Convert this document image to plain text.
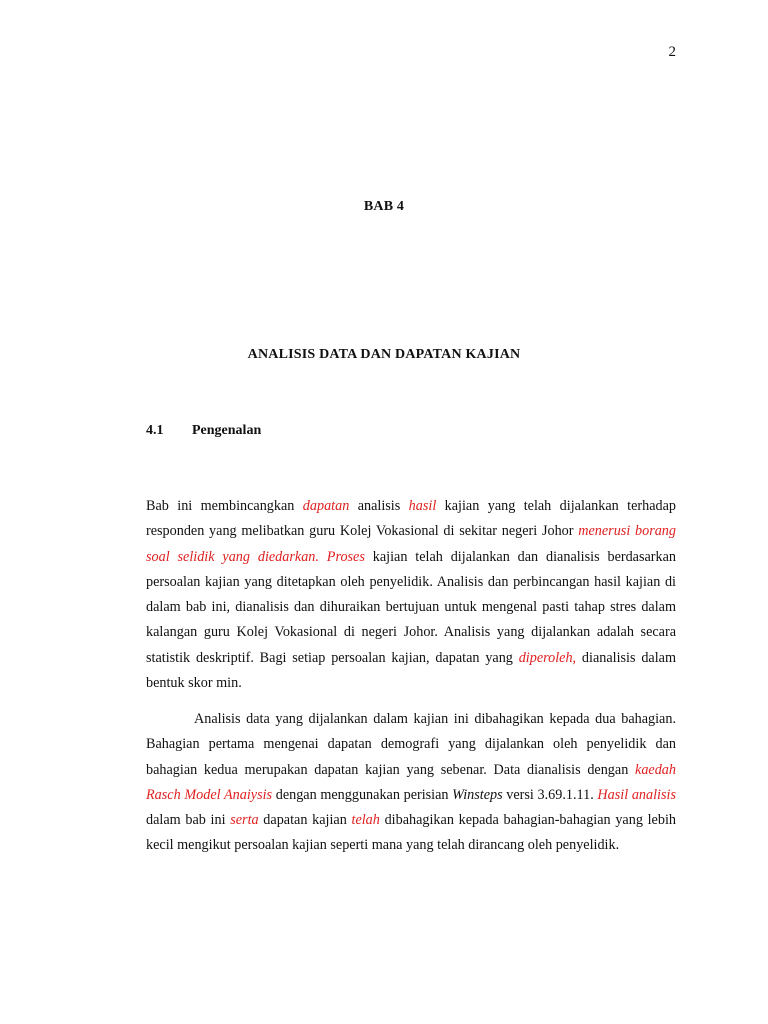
2
BAB 4
ANALISIS DATA DAN DAPATAN KAJIAN
4.1 Pengenalan

Bab ini membincangkan dapatan analisis hasil kajian yang telah dijalankan terhadap responden yang melibatkan guru Kolej Vokasional di sekitar negeri Johor menerusi borang soal selidik yang diedarkan. Proses kajian telah dijalankan dan dianalisis berdasarkan persoalan kajian yang ditetapkan oleh penyelidik. Analisis dan perbincangan hasil kajian di dalam bab ini, dianalisis dan dihuraikan bertujuan untuk mengenal pasti tahap stres dalam kalangan guru Kolej Vokasional di negeri Johor. Analisis yang dijalankan adalah secara statistik deskriptif. Bagi setiap persoalan kajian, dapatan yang diperoleh, dianalisis dalam bentuk skor min.

Analisis data yang dijalankan dalam kajian ini dibahagikan kepada dua bahagian. Bahagian pertama mengenai dapatan demografi yang dijalankan oleh penyelidik dan bahagian kedua merupakan dapatan kajian yang sebenar. Data dianalisis dengan kaedah Rasch Model Anaiysis dengan menggunakan perisian Winsteps versi 3.69.1.11. Hasil analisis dalam bab ini serta dapatan kajian telah dibahagikan kepada bahagian-bahagian yang lebih kecil mengikut persoalan kajian seperti mana yang telah dirancang oleh penyelidik.
